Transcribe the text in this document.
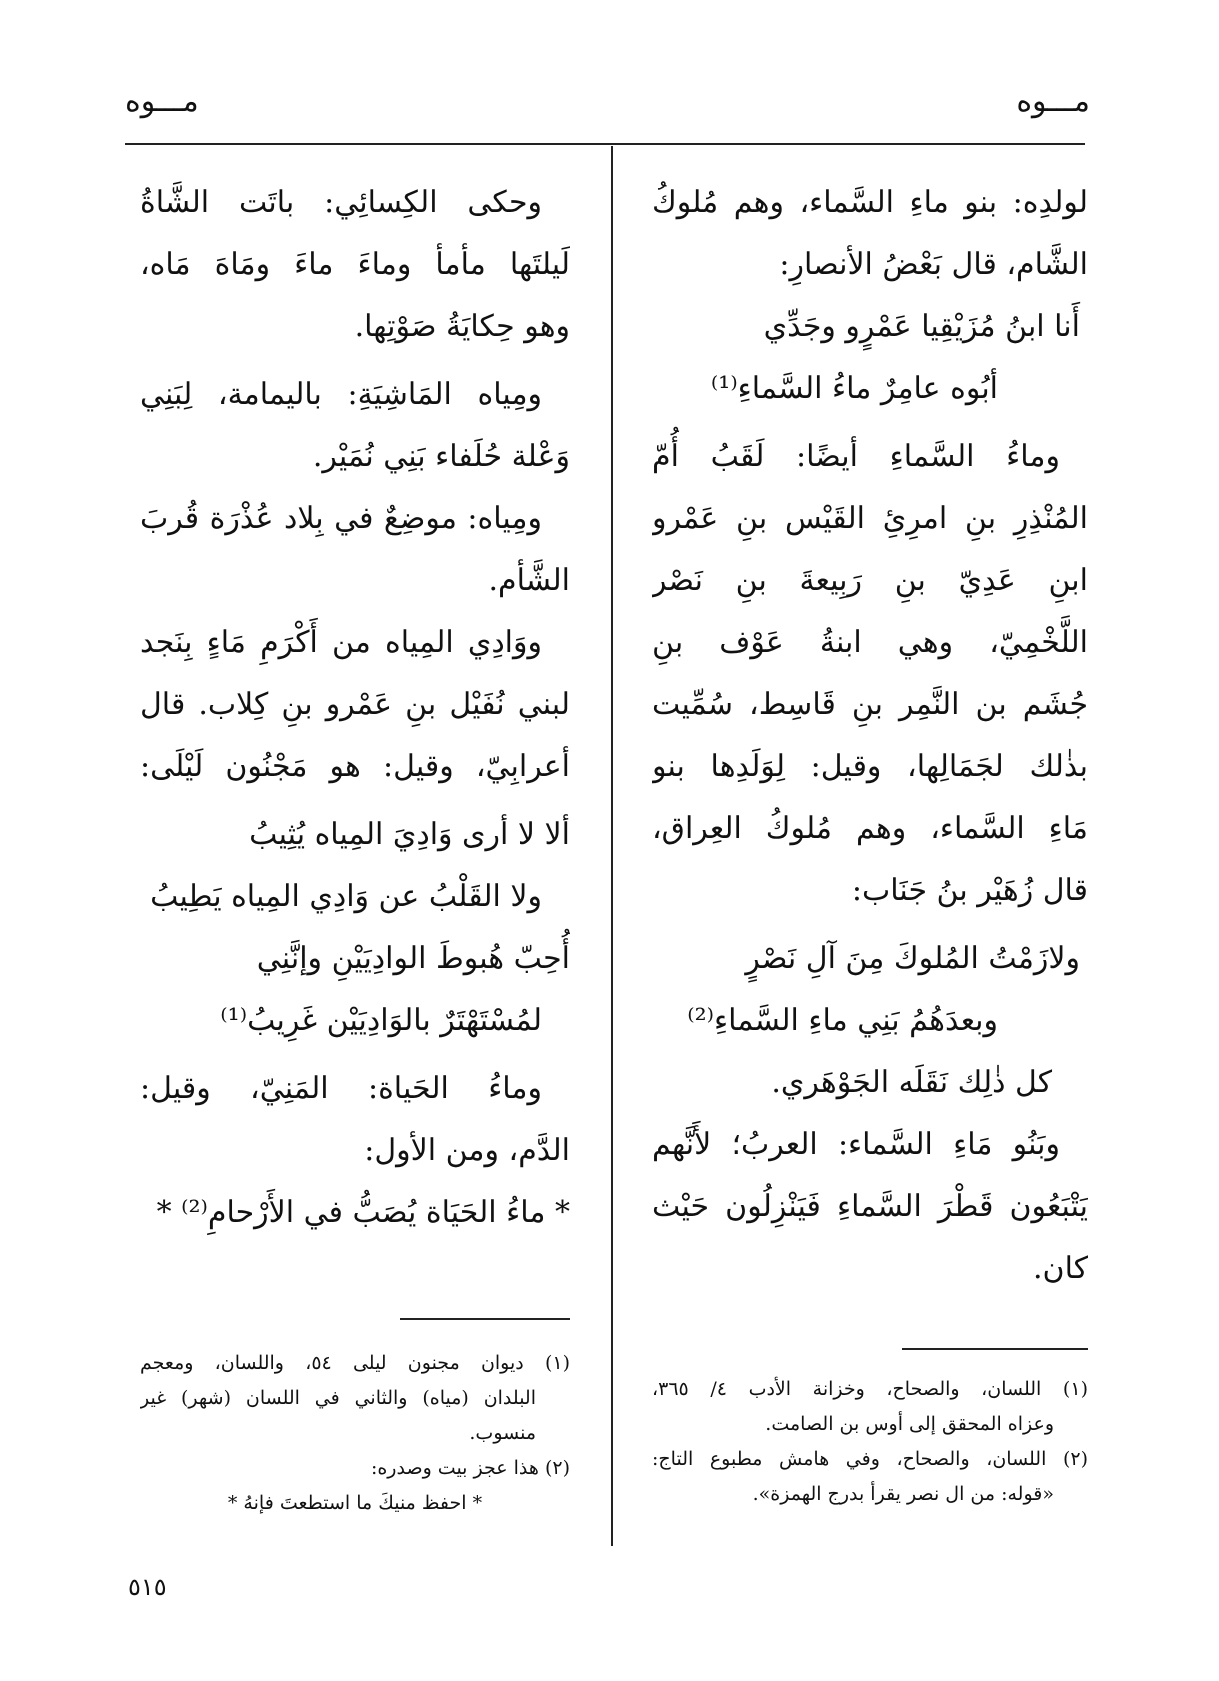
مـــوه
مـــوه
لولدِه: بنو ماءِ السَّماء، وهم مُلوكُ
الشَّام، قال بَعْضُ الأنصارِ:
أَنا ابنُ مُزَيْقِيا عَمْرٍو وجَدِّي
أبُوه عامِرٌ ماءُ السَّماءِ⁽¹⁾
وماءُ السَّماءِ أيضًا: لَقَبُ أُمّ
المُنْذِرِ بنِ امرِئِ القَيْس بنِ عَمْرو
ابنِ عَدِيّ بنِ رَبِيعةَ بنِ نَصْر
اللَّخْمِيّ، وهي ابنةُ عَوْف بنِ
جُشَم بن النَّمِر بنِ قَاسِط، سُمِّيت
بذٰلك لجَمَالِها، وقيل: لِوَلَدِها بنو
مَاءِ السَّماء، وهم مُلوكُ العِراق،
قال زُهَيْر بنُ جَنَاب:
ولازَمْتُ المُلوكَ مِنَ آلِ نَصْرٍ
وبعدَهُمُ بَنِي ماءِ السَّماءِ⁽²⁾
كل ذٰلِك نَقَلَه الجَوْهَري.
وبَنُو مَاءِ السَّماء: العربُ؛ لأَنَّهم
يَتْبَعُون قَطْرَ السَّماءِ فَيَنْزِلُون حَيْث
كان.
وحكى الكِسائِي: باتَت الشَّاةُ
لَيلتَها مأمأ وماءَ ماءَ ومَاهَ مَاه،
وهو حِكايَةُ صَوْتِها.
ومِياه المَاشِيَةِ: باليمامة، لِبَنِي
وَعْلة حُلَفاء بَنِي نُمَيْر.
ومِياه: موضِعٌ في بِلاد عُذْرَة قُربَ
الشَّأم.
ووَادِي المِياه من أَكْرَمِ مَاءٍ بِنَجد
لبني نُفَيْل بنِ عَمْرو بنِ كِلاب. قال
أعرابِيّ، وقيل: هو مَجْنُون لَيْلَى:
ألا لا أرى وَادِيَ المِياه يُثِيبُ
ولا القَلْبُ عن وَادِي المِياه يَطِيبُ
أُحِبّ هُبوطَ الوادِيَيْنِ وإنَّنِي
لمُسْتَهْتَرٌ بالوَادِيَيْن غَرِيبُ⁽¹⁾
وماءُ الحَياة: المَنِيّ، وقيل:
الدَّم، ومن الأول:
* ماءُ الحَيَاة يُصَبُّ في الأَرْحامِ⁽²⁾ *
(١) اللسان، والصحاح، وخزانة الأدب ٤/ ٣٦٥،
وعزاه المحقق إلى أوس بن الصامت.
(٢) اللسان، والصحاح، وفي هامش مطبوع التاج:
«قوله: من ال نصر يقرأ بدرج الهمزة».
(١) ديوان مجنون ليلى ٥٤، واللسان، ومعجم
البلدان (مياه) والثاني في اللسان (شهر) غير
منسوب.
(٢) هذا عجز بيت وصدره:
* احفظ منيكَ ما استطعتَ فإنهُ *
٥١٥
